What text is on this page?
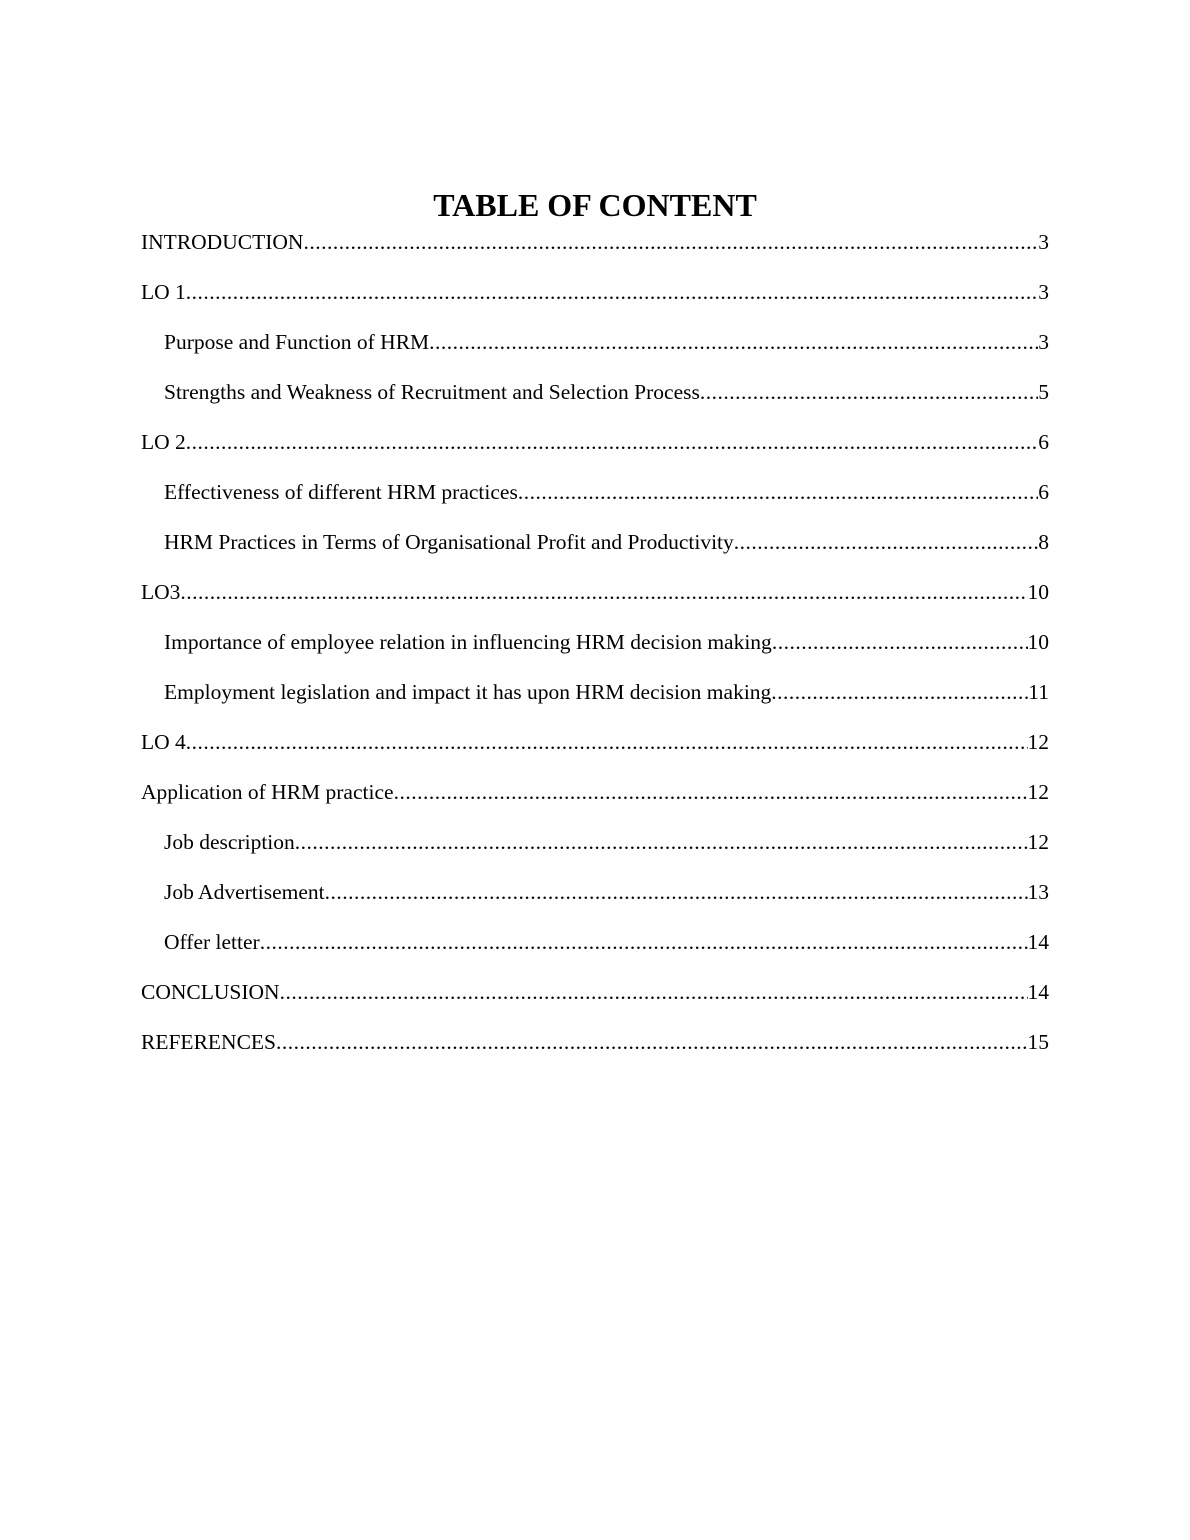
TABLE OF CONTENT
INTRODUCTION .....	3
LO 1 .....	3
Purpose and Function of HRM .....	3
Strengths and Weakness of Recruitment and Selection Process .....	5
LO 2 .....	6
Effectiveness of different HRM practices .....	6
HRM Practices in Terms of Organisational Profit and Productivity .....	8
LO3 .....	10
Importance of employee relation in influencing HRM decision making .....	10
Employment legislation and impact it has upon HRM decision making .....	11
LO 4 .....	12
Application of HRM practice .....	12
Job description .....	12
Job Advertisement .....	13
Offer letter .....	14
CONCLUSION .....	14
REFERENCES .....	15
